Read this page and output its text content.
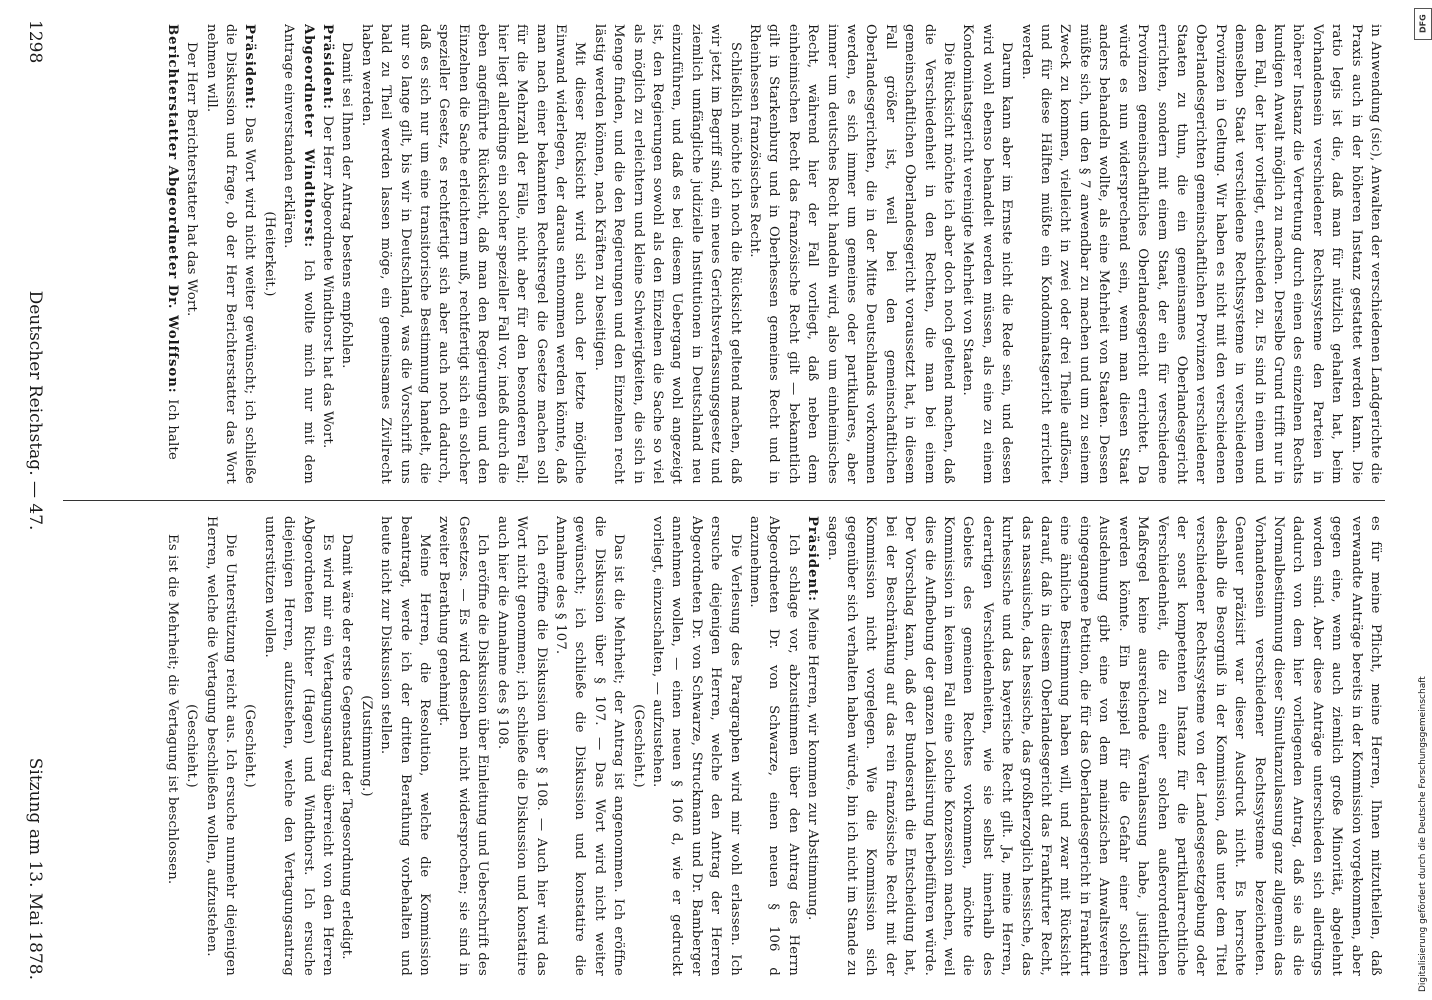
in Anwendung (sic), Anwalten der verschiedenen Landgerichte die Praxis auch in der höheren Instanz gestattet werden kann. Die ratio legis ist die, daß man für nützlich gehalten hat, beim Vorhandensein verschiedener Rechtssysteme den Parteien in höherer Instanz die Vertretung durch einen des einzelnen Rechts kundigen Anwalt möglich zu machen. Derselbe Grund trifft nur in dem Fall, der hier vorliegt, entschieden zu. Es sind in einem und demselben Staat verschiedene Rechtssysteme in verschiedenen Provinzen in Geltung. Wir haben es nicht mit den verschiedenen Oberlandesgerichten gemeinschaftlichen Provinzen verschiedener Staaten zu thun, die ein gemeinsames Oberlandesgericht errichten, sondern mit einem Staat, der ein für verschiedene Provinzen gemeinschaftliches Oberlandesgericht errichtet. Da würde es nun widersprechend sein, wenn man diesen Staat anders behandeln wollte, als eine Mehrheit von Staaten. Dessen müßte sich, um den § 7 anwendbar zu machen und um zu seinem Zweck zu kommen, vielleicht in zwei oder drei Theile auflösen, und für diese Hälften müßte ein Kondominatsgericht errichtet werden.

Darum kann aber im Ernste nicht die Rede sein, und dessen wird wohl ebenso behandelt werden müssen, als eine zu einem Kondominatsgericht vereinigte Mehrheit von Staaten.

Die Rücksicht möchte ich aber doch noch geltend machen, daß die Verschiedenheit in den Rechten, die man bei einem gemeinschaftlichen Oberlandesgericht voraussetzt hat, in diesem Fall größer ist, weil bei den gemeinschaftlichen Oberlandesgerichten, die in der Mitte Deutschlands vorkommen werden, es sich immer um gemeines oder partikulares, aber immer um deutsches Recht handeln wird, also um einheimisches Recht, während hier der Fall vorliegt, daß neben dem einheimischen Recht das französische Recht gilt — bekanntlich gilt in Starkenburg und in Oberhessen gemeines Recht und in Rheinhessen französisches Recht.

Schließlich möchte ich noch die Rücksicht geltend machen, daß wir jetzt im Begriff sind, ein neues Gerichtsverfassungsgesetz und ziemlich umfängliche judizielle Institutionen in Deutschland neu einzuführen, und daß es bei diesem Uebergang wohl angezeigt ist, den Regierungen sowohl als den Einzelnen die Sache so viel als möglich zu erleichtern und kleine Schwierigkeiten, die sich in Menge finden, und die den Regierungen und den Einzelnen recht lästig werden können, nach Kräften zu beseitigen.

Mit dieser Rücksicht wird sich auch der letzte mögliche Einwand widerlegen, der daraus entnommen werden könnte, daß man nach einer bekannten Rechtsregel die Gesetze machen soll für die Mehrzahl der Fälle, nicht aber für den besonderen Fall; hier liegt allerdings ein solcher spezieller Fall vor, indeß durch die eben angeführte Rücksicht, daß man den Regierungen und den Einzelnen die Sache erleichtern muß, rechtfertigt sich ein solcher spezieller Gesetz, es rechtfertigt sich aber auch noch dadurch, daß es sich nur um eine transitorische Bestimmung handelt, die nur so lange gilt, bis wir in Deutschland, was die Vorschrift uns bald zu Theil werden lassen möge, ein gemeinsames Zivilrecht haben werden.

Damit sei Ihnen der Antrag bestens empfohlen.

Präsident: Der Herr Abgeordnete Windthorst hat das Wort.

Abgeordneter Windthorst: Ich wollte mich nur mit dem Antrage einverstanden erklären.

(Heiterkeit.)

Präsident: Das Wort wird nicht weiter gewünscht; ich schließe die Diskussion und frage, ob der Herr Berichterstatter das Wort nehmen will.

Der Herr Berichterstatter hat das Wort.

Berichterstatter Abgeordneter Dr. Wolffson: Ich halte

es für meine Pflicht, meine Herren, Ihnen mitzutheilen, daß verwandte Anträge bereits in der Kommission vorgekommen, aber gegen eine, wenn auch ziemlich große Minorität, abgelehnt worden sind. Aber diese Anträge unterschieden sich allerdings dadurch von dem hier vorliegenden Antrag, daß sie als die Normalbestimmung dieser Simultanzulassung ganz allgemein das Vorhandensein verschiedener Rechtssysteme bezeichneten. Genauer präzisirt war dieser Ausdruck nicht. Es herrschte deshalb die Besorgniß in der Kommission, daß unter dem Titel verschiedener Rechtssysteme von der Landesgesetzgebung oder der sonst kompetenten Instanz für die partikularrechtliche Verschiedenheit, die zu einer solchen außerordentlichen Maßregel keine ausreichende Veranlassung habe, justifizirt werden könnte. Ein Beispiel für die Gefahr einer solchen Ausdehnung gibt eine von dem mainzischen Anwaltsverein eingegangene Petition, die für das Oberlandesgericht in Frankfurt eine ähnliche Bestimmung haben will, und zwar mit Rücksicht darauf, daß in diesem Oberlandesgericht das Frankfurter Recht, das nassauische, das hessische, das großherzoglich hessische, das kurhessische und das bayerische Recht gilt. Ja, meine Herren, derartigen Verschiedenheiten, wie sie selbst innerhalb des Gebiets des gemeinen Rechtes vorkommen, möchte die Kommission in keinem Fall eine solche Konzession machen, weil dies die Aufhebung der ganzen Lokalisirung herbeiführen würde. Der Vorschlag kann, daß der Bundesrath die Entscheidung hat, bei der Beschränkung auf das rein französische Recht mit der Kommission nicht vorgelegen. Wie die Kommission sich gegenüber sich verhalten haben würde, bin ich nicht im Stande zu sagen.

Präsident: Meine Herren, wir kommen zur Abstimmung.

Ich schlage vor, abzustimmen über den Antrag des Herrn Abgeordneten Dr. von Schwarze, einen neuen § 106 d anzunehmen.

Die Verlesung des Paragraphen wird mir wohl erlassen. Ich ersuche diejenigen Herren, welche den Antrag der Herren Abgeordneten Dr. von Schwarze, Struckmann und Dr. Bamberger annehmen wollen, — einen neuen § 106 d, wie er gedruckt vorliegt, einzuschalten, — aufzustehen.

(Geschieht.)

Das ist die Mehrheit; der Antrag ist angenommen. Ich eröffne die Diskussion über § 107. — Das Wort wird nicht weiter gewünscht; ich schließe die Diskussion und konstatire die Annahme des § 107.

Ich eröffne die Diskussion über § 108. — Auch hier wird das Wort nicht genommen; ich schließe die Diskussion und konstatire auch hier die Annahme des § 108.

Ich eröffne die Diskussion über Einleitung und Ueberschrift des Gesetzes. — Es wird denselben nicht widersprochen; sie sind in zweiter Berathung genehmigt.

Meine Herren, die Resolution, welche die Kommission beantragt, werde ich der dritten Berathung vorbehalten und heute nicht zur Diskussion stellen.

(Zustimmung.)

Damit wäre der erste Gegenstand der Tagesordnung erledigt.

Es wird mir ein Vertagungsantrag überreicht von den Herren Abgeordneten Richter (Hagen) und Windthorst. Ich ersuche diejenigen Herren, aufzustehen, welche den Vertagungsantrag unterstützen wollen.

(Geschieht.)

Die Unterstützung reicht aus. Ich ersuche nunmehr diejenigen Herren, welche die Vertagung beschließen wollen, aufzustehen.

(Geschieht.)

Es ist die Mehrheit; die Vertagung ist beschlossen.

1298
Deutscher Reichstag. — 47.
Sitzung am 13. Mai 1878.
DFG
Digitalisierung gefördert durch die Deutsche Forschungsgemeinschaft
